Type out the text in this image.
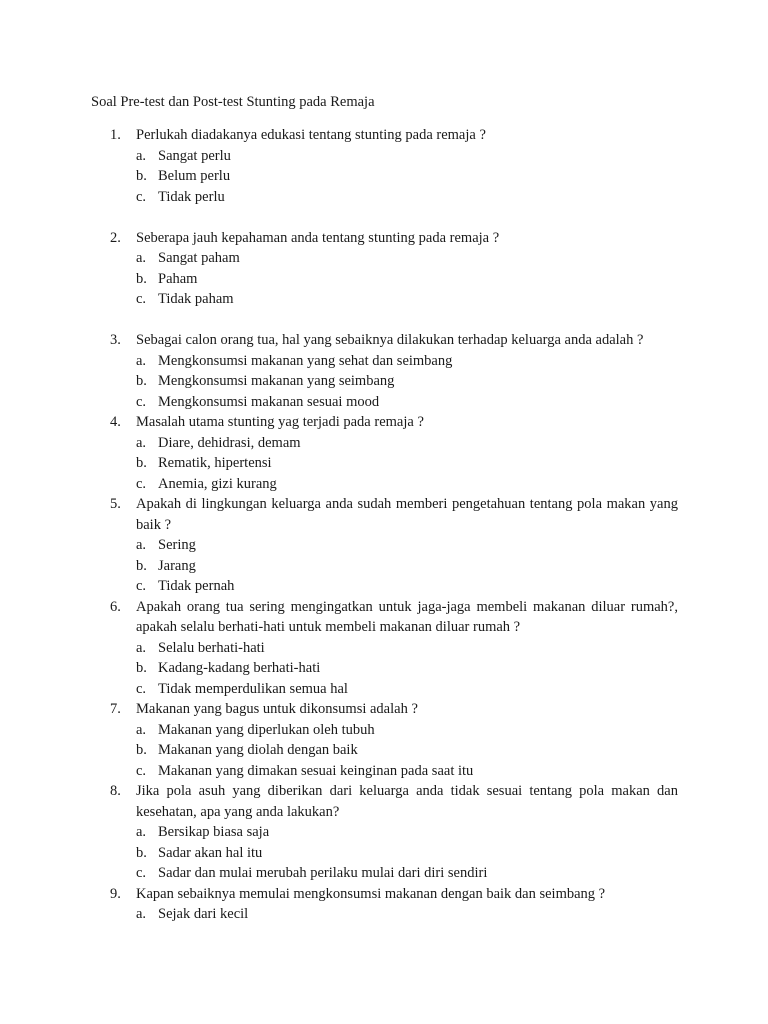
Soal Pre-test dan Post-test Stunting pada Remaja
1. Perlukah diadakanya edukasi tentang stunting pada remaja ?
a. Sangat perlu
b. Belum perlu
c. Tidak perlu
2. Seberapa jauh kepahaman anda tentang stunting pada remaja ?
a. Sangat paham
b. Paham
c. Tidak paham
3. Sebagai calon orang tua, hal yang sebaiknya dilakukan terhadap keluarga anda adalah ?
a. Mengkonsumsi makanan yang sehat dan seimbang
b. Mengkonsumsi makanan yang seimbang
c. Mengkonsumsi makanan sesuai mood
4. Masalah utama stunting yag terjadi pada remaja ?
a. Diare, dehidrasi, demam
b. Rematik, hipertensi
c. Anemia, gizi kurang
5. Apakah di lingkungan keluarga anda sudah memberi pengetahuan tentang pola makan yang baik ?
a. Sering
b. Jarang
c. Tidak pernah
6. Apakah orang tua sering mengingatkan untuk jaga-jaga membeli makanan diluar rumah?, apakah selalu berhati-hati untuk membeli makanan diluar rumah ?
a. Selalu berhati-hati
b. Kadang-kadang berhati-hati
c. Tidak memperdulikan semua hal
7. Makanan yang bagus untuk dikonsumsi adalah ?
a. Makanan yang diperlukan oleh tubuh
b. Makanan yang diolah dengan baik
c. Makanan yang dimakan sesuai keinginan pada saat itu
8. Jika pola asuh yang diberikan dari keluarga anda tidak sesuai tentang pola makan dan kesehatan, apa yang anda lakukan?
a. Bersikap biasa saja
b. Sadar akan hal itu
c. Sadar dan mulai merubah perilaku mulai dari diri sendiri
9. Kapan sebaiknya memulai mengkonsumsi makanan dengan baik dan seimbang ?
a. Sejak dari kecil
